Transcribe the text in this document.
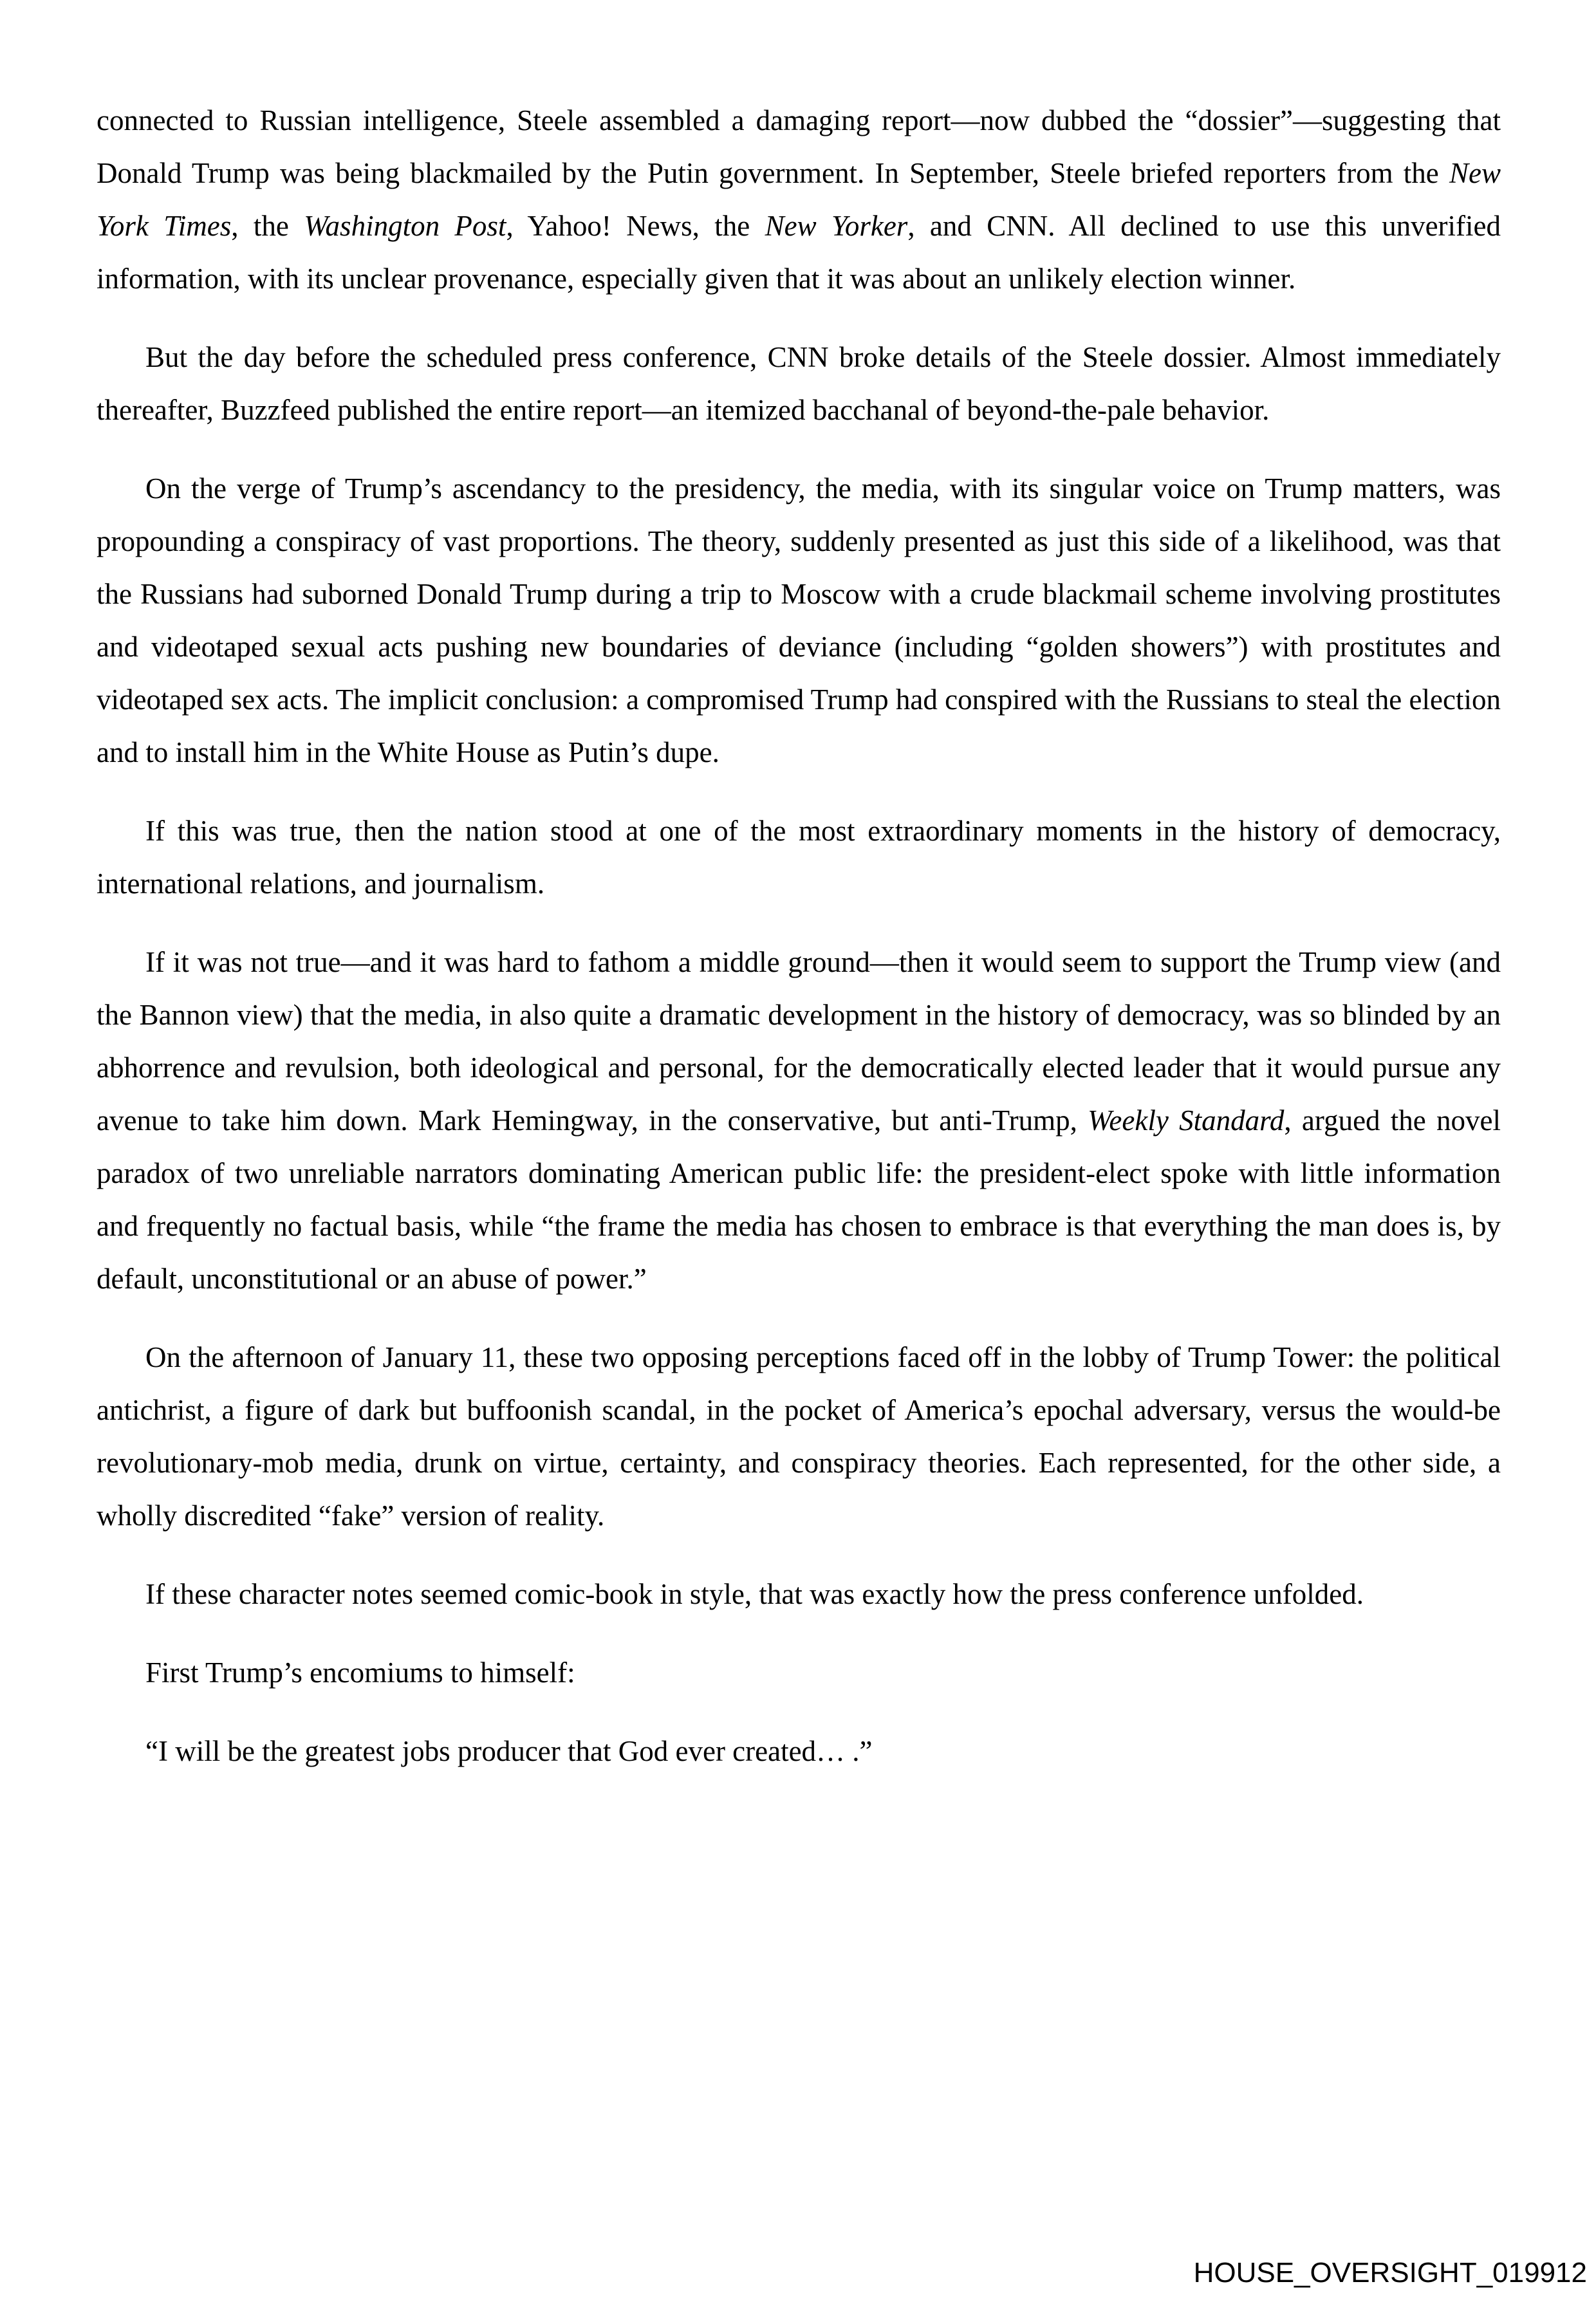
connected to Russian intelligence, Steele assembled a damaging report—now dubbed the “dossier”—suggesting that Donald Trump was being blackmailed by the Putin government. In September, Steele briefed reporters from the New York Times, the Washington Post, Yahoo! News, the New Yorker, and CNN. All declined to use this unverified information, with its unclear provenance, especially given that it was about an unlikely election winner.

But the day before the scheduled press conference, CNN broke details of the Steele dossier. Almost immediately thereafter, Buzzfeed published the entire report—an itemized bacchanal of beyond-the-pale behavior.

On the verge of Trump’s ascendancy to the presidency, the media, with its singular voice on Trump matters, was propounding a conspiracy of vast proportions. The theory, suddenly presented as just this side of a likelihood, was that the Russians had suborned Donald Trump during a trip to Moscow with a crude blackmail scheme involving prostitutes and videotaped sexual acts pushing new boundaries of deviance (including “golden showers”) with prostitutes and videotaped sex acts. The implicit conclusion: a compromised Trump had conspired with the Russians to steal the election and to install him in the White House as Putin’s dupe.

If this was true, then the nation stood at one of the most extraordinary moments in the history of democracy, international relations, and journalism.

If it was not true—and it was hard to fathom a middle ground—then it would seem to support the Trump view (and the Bannon view) that the media, in also quite a dramatic development in the history of democracy, was so blinded by an abhorrence and revulsion, both ideological and personal, for the democratically elected leader that it would pursue any avenue to take him down. Mark Hemingway, in the conservative, but anti-Trump, Weekly Standard, argued the novel paradox of two unreliable narrators dominating American public life: the president-elect spoke with little information and frequently no factual basis, while “the frame the media has chosen to embrace is that everything the man does is, by default, unconstitutional or an abuse of power.”

On the afternoon of January 11, these two opposing perceptions faced off in the lobby of Trump Tower: the political antichrist, a figure of dark but buffoonish scandal, in the pocket of America’s epochal adversary, versus the would-be revolutionary-mob media, drunk on virtue, certainty, and conspiracy theories. Each represented, for the other side, a wholly discredited “fake” version of reality.

If these character notes seemed comic-book in style, that was exactly how the press conference unfolded.

First Trump’s encomiums to himself:

“I will be the greatest jobs producer that God ever created… .”

HOUSE_OVERSIGHT_019912
